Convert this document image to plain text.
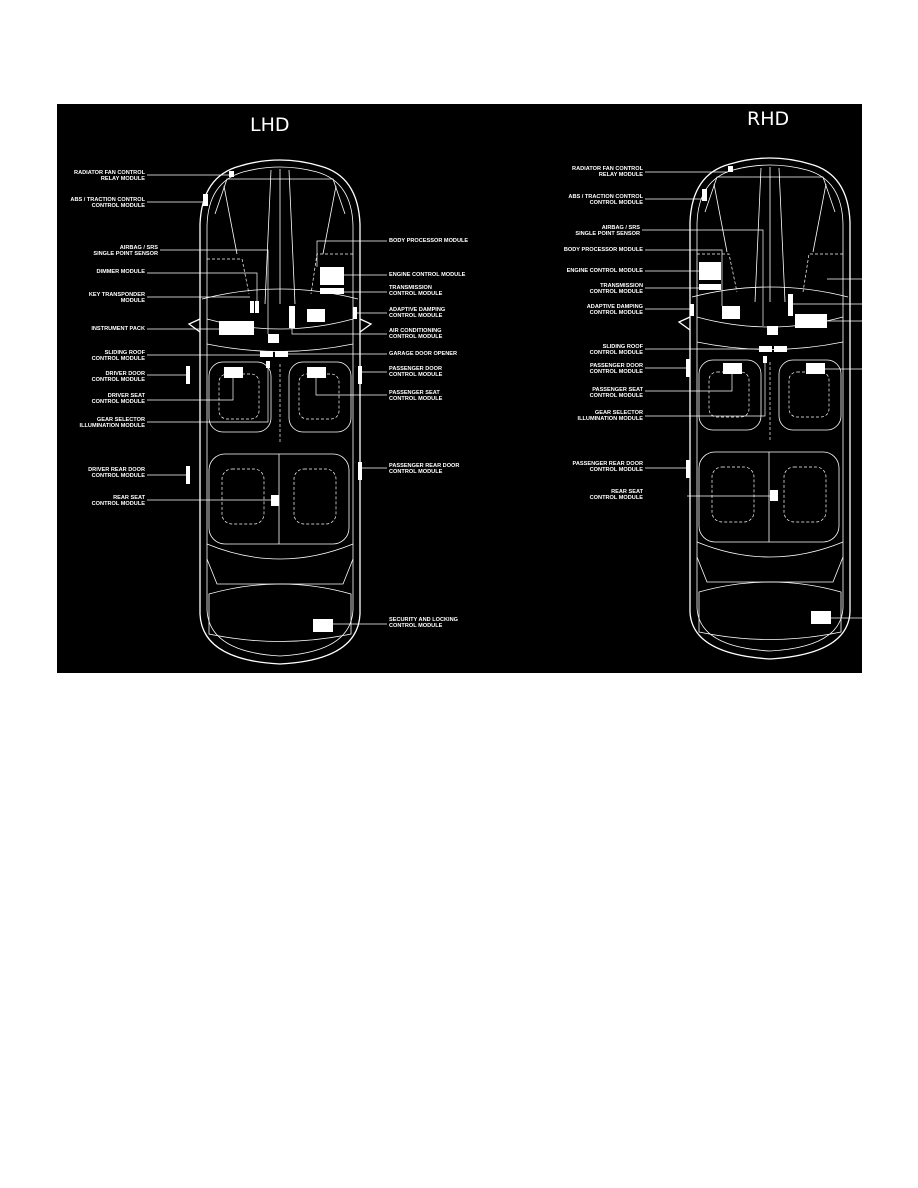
LHD	RHD
RADIATOR FAN CONTROL RELAY MODULE
ABS / TRACTION CONTROL CONTROL MODULE
AIRBAG / SRS SINGLE POINT SENSOR
DIMMER MODULE
KEY TRANSPONDER MODULE
INSTRUMENT PACK
SLIDING ROOF CONTROL MODULE
DRIVER DOOR CONTROL MODULE
DRIVER SEAT CONTROL MODULE
GEAR SELECTOR ILLUMINATION MODULE
DRIVER REAR DOOR CONTROL MODULE
REAR SEAT CONTROL MODULE
BODY PROCESSOR MODULE
ENGINE CONTROL MODULE
TRANSMISSION CONTROL MODULE
ADAPTIVE DAMPING CONTROL MODULE
AIR CONDITIONING CONTROL MODULE
GARAGE DOOR OPENER
PASSENGER DOOR CONTROL MODULE
PASSENGER SEAT CONTROL MODULE
PASSENGER REAR DOOR CONTROL MODULE
SECURITY AND LOCKING CONTROL MODULE
RADIATOR FAN CONTROL RELAY MODULE
ABS / TRACTION CONTROL CONTROL MODULE
AIRBAG / SRS SINGLE POINT SENSOR
BODY PROCESSOR MODULE
ENGINE CONTROL MODULE
TRANSMISSION CONTROL MODULE
ADAPTIVE DAMPING CONTROL MODULE
SLIDING ROOF CONTROL MODULE
PASSENGER DOOR CONTROL MODULE
PASSENGER SEAT CONTROL MODULE
GEAR SELECTOR ILLUMINATION MODULE
PASSENGER REAR DOOR CONTROL MODULE
REAR SEAT CONTROL MODULE
